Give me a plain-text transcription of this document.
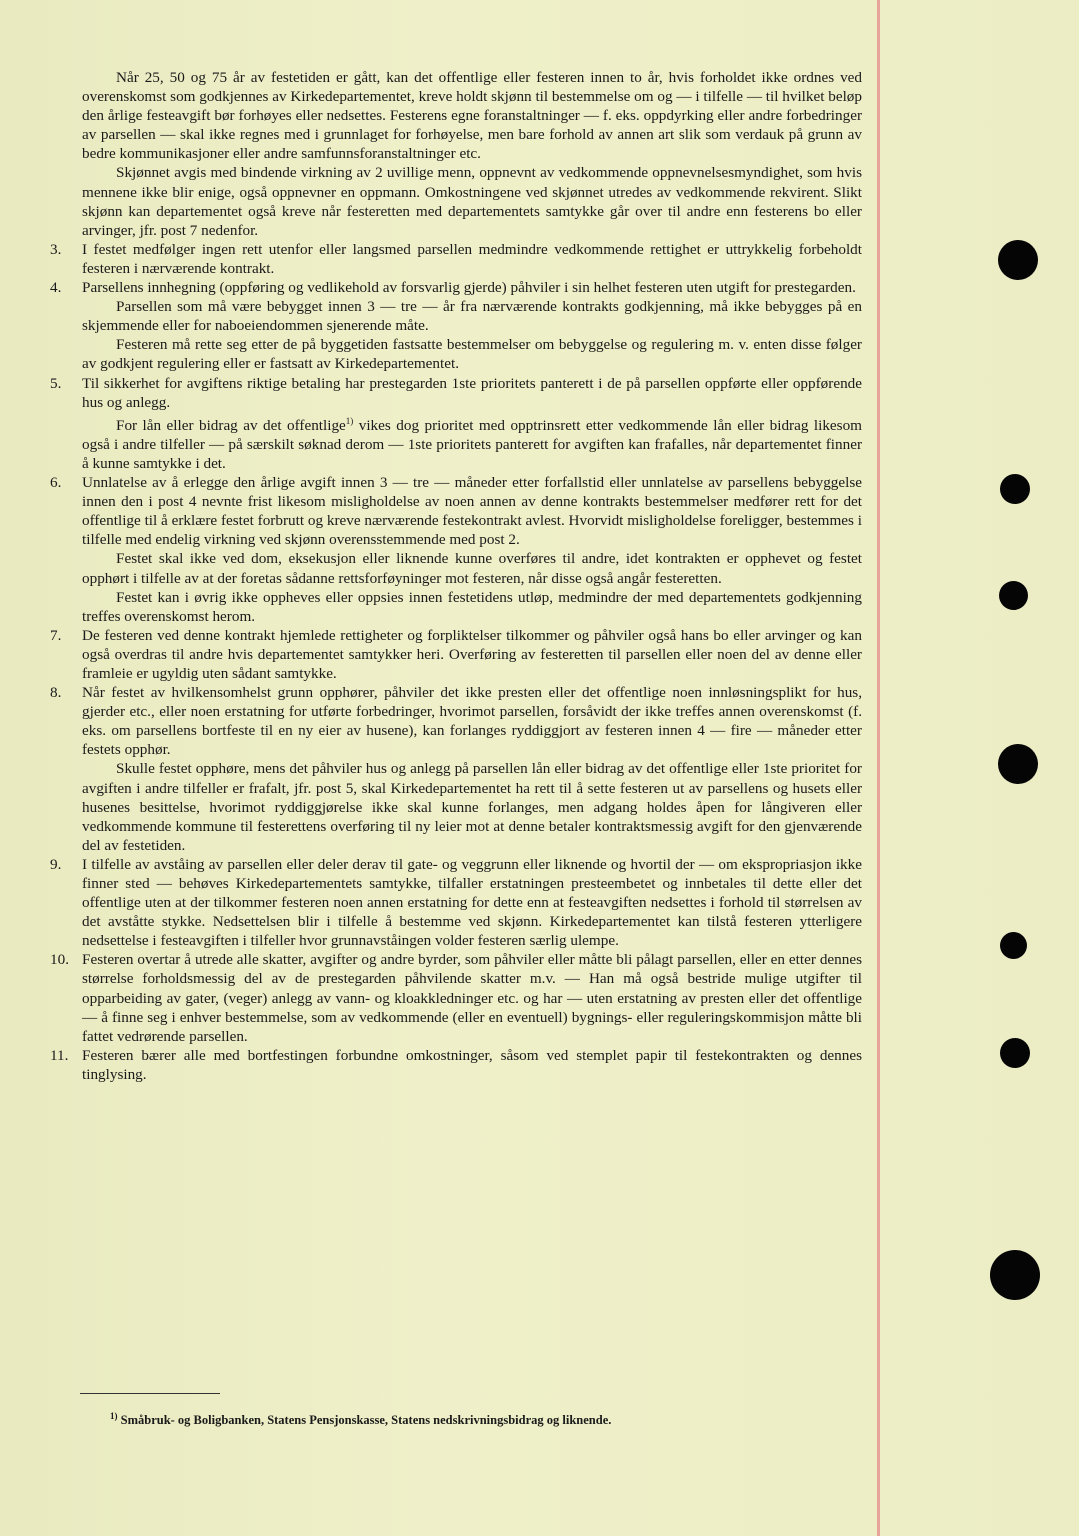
Når 25, 50 og 75 år av festetiden er gått, kan det offentlige eller festeren innen to år, hvis forholdet ikke ordnes ved overenskomst som godkjennes av Kirkedepartementet, kreve holdt skjønn til bestemmelse om og — i tilfelle — til hvilket beløp den årlige festeavgift bør forhøyes eller nedsettes. Festerens egne foranstaltninger — f. eks. oppdyrking eller andre forbedringer av parsellen — skal ikke regnes med i grunnlaget for forhøyelse, men bare forhold av annen art slik som verdauk på grunn av bedre kommunikasjoner eller andre samfunnsforanstaltninger etc.

Skjønnet avgis med bindende virkning av 2 uvillige menn, oppnevnt av vedkommende oppnevnelsesmyndighet, som hvis mennene ikke blir enige, også oppnevner en oppmann. Omkostningene ved skjønnet utredes av vedkommende rekvirent. Slikt skjønn kan departementet også kreve når festeretten med departementets samtykke går over til andre enn festerens bo eller arvinger, jfr. post 7 nedenfor.

3. I festet medfølger ingen rett utenfor eller langsmed parsellen medmindre vedkommende rettighet er uttrykkelig forbeholdt festeren i nærværende kontrakt.

4. Parsellens innhegning (oppføring og vedlikehold av forsvarlig gjerde) påhviler i sin helhet festeren uten utgift for prestegarden.

Parsellen som må være bebygget innen 3 — tre — år fra nærværende kontrakts godkjenning, må ikke bebygges på en skjemmende eller for naboeiendommen sjenerende måte.

Festeren må rette seg etter de på byggetiden fastsatte bestemmelser om bebyggelse og regulering m. v. enten disse følger av godkjent regulering eller er fastsatt av Kirkedepartementet.

5. Til sikkerhet for avgiftens riktige betaling har prestegarden 1ste prioritets panterett i de på parsellen oppførte eller oppførende hus og anlegg.

For lån eller bidrag av det offentlige$^{1)}$ vikes dog prioritet med opptrinsrett etter vedkommende lån eller bidrag likesom også i andre tilfeller — på særskilt søknad derom — 1ste prioritets panterett for avgiften kan frafalles, når departementet finner å kunne samtykke i det.

6. Unnlatelse av å erlegge den årlige avgift innen 3 — tre — måneder etter forfallstid eller unnlatelse av parsellens bebyggelse innen den i post 4 nevnte frist likesom misligholdelse av noen annen av denne kontrakts bestemmelser medfører rett for det offentlige til å erklære festet forbrutt og kreve nærværende festekontrakt avlest. Hvorvidt misligholdelse foreligger, bestemmes i tilfelle med endelig virkning ved skjønn overensstemmende med post 2.

Festet skal ikke ved dom, eksekusjon eller liknende kunne overføres til andre, idet kontrakten er opphevet og festet opphørt i tilfelle av at der foretas sådanne rettsforføyninger mot festeren, når disse også angår festeretten.

Festet kan i øvrig ikke oppheves eller oppsies innen festetidens utløp, medmindre der med departementets godkjenning treffes overenskomst herom.

7. De festeren ved denne kontrakt hjemlede rettigheter og forpliktelser tilkommer og påhviler også hans bo eller arvinger og kan også overdras til andre hvis departementet samtykker heri. Overføring av festeretten til parsellen eller noen del av denne eller framleie er ugyldig uten sådant samtykke.

8. Når festet av hvilkensomhelst grunn opphører, påhviler det ikke presten eller det offentlige noen innløsningsplikt for hus, gjerder etc., eller noen erstatning for utførte forbedringer, hvorimot parsellen, forsåvidt der ikke treffes annen overenskomst (f. eks. om parsellens bortfeste til en ny eier av husene), kan forlanges ryddiggjort av festeren innen 4 — fire — måneder etter festets opphør.

Skulle festet opphøre, mens det påhviler hus og anlegg på parsellen lån eller bidrag av det offentlige eller 1ste prioritet for avgiften i andre tilfeller er frafalt, jfr. post 5, skal Kirkedepartementet ha rett til å sette festeren ut av parsellens og husets eller husenes besittelse, hvorimot ryddiggjørelse ikke skal kunne forlanges, men adgang holdes åpen for långiveren eller vedkommende kommune til festerettens overføring til ny leier mot at denne betaler kontraktsmessig avgift for den gjenværende del av festetiden.

9. I tilfelle av avståing av parsellen eller deler derav til gate- og veggrunn eller liknende og hvortil der — om ekspropriasjon ikke finner sted — behøves Kirkedepartementets samtykke, tilfaller erstatningen presteembetet og innbetales til dette eller det offentlige uten at der tilkommer festeren noen annen erstatning for dette enn at festeavgiften nedsettes i forhold til størrelsen av det avståtte stykke. Nedsettelsen blir i tilfelle å bestemme ved skjønn. Kirkedepartementet kan tilstå festeren ytterligere nedsettelse i festeavgiften i tilfeller hvor grunnavståingen volder festeren særlig ulempe.

10. Festeren overtar å utrede alle skatter, avgifter og andre byrder, som påhviler eller måtte bli pålagt parsellen, eller en etter dennes størrelse forholdsmessig del av de prestegarden påhvilende skatter m.v. — Han må også bestride mulige utgifter til opparbeiding av gater, (veger) anlegg av vann- og kloakkledninger etc. og har — uten erstatning av presten eller det offentlige — å finne seg i enhver bestemmelse, som av vedkommende (eller en eventuell) bygnings- eller reguleringskommisjon måtte bli fattet vedrørende parsellen.

11. Festeren bærer alle med bortfestingen forbundne omkostninger, såsom ved stemplet papir til festekontrakten og dennes tinglysing.

$^{1)}$ Småbruk- og Boligbanken, Statens Pensjonskasse, Statens nedskrivningsbidrag og liknende.
